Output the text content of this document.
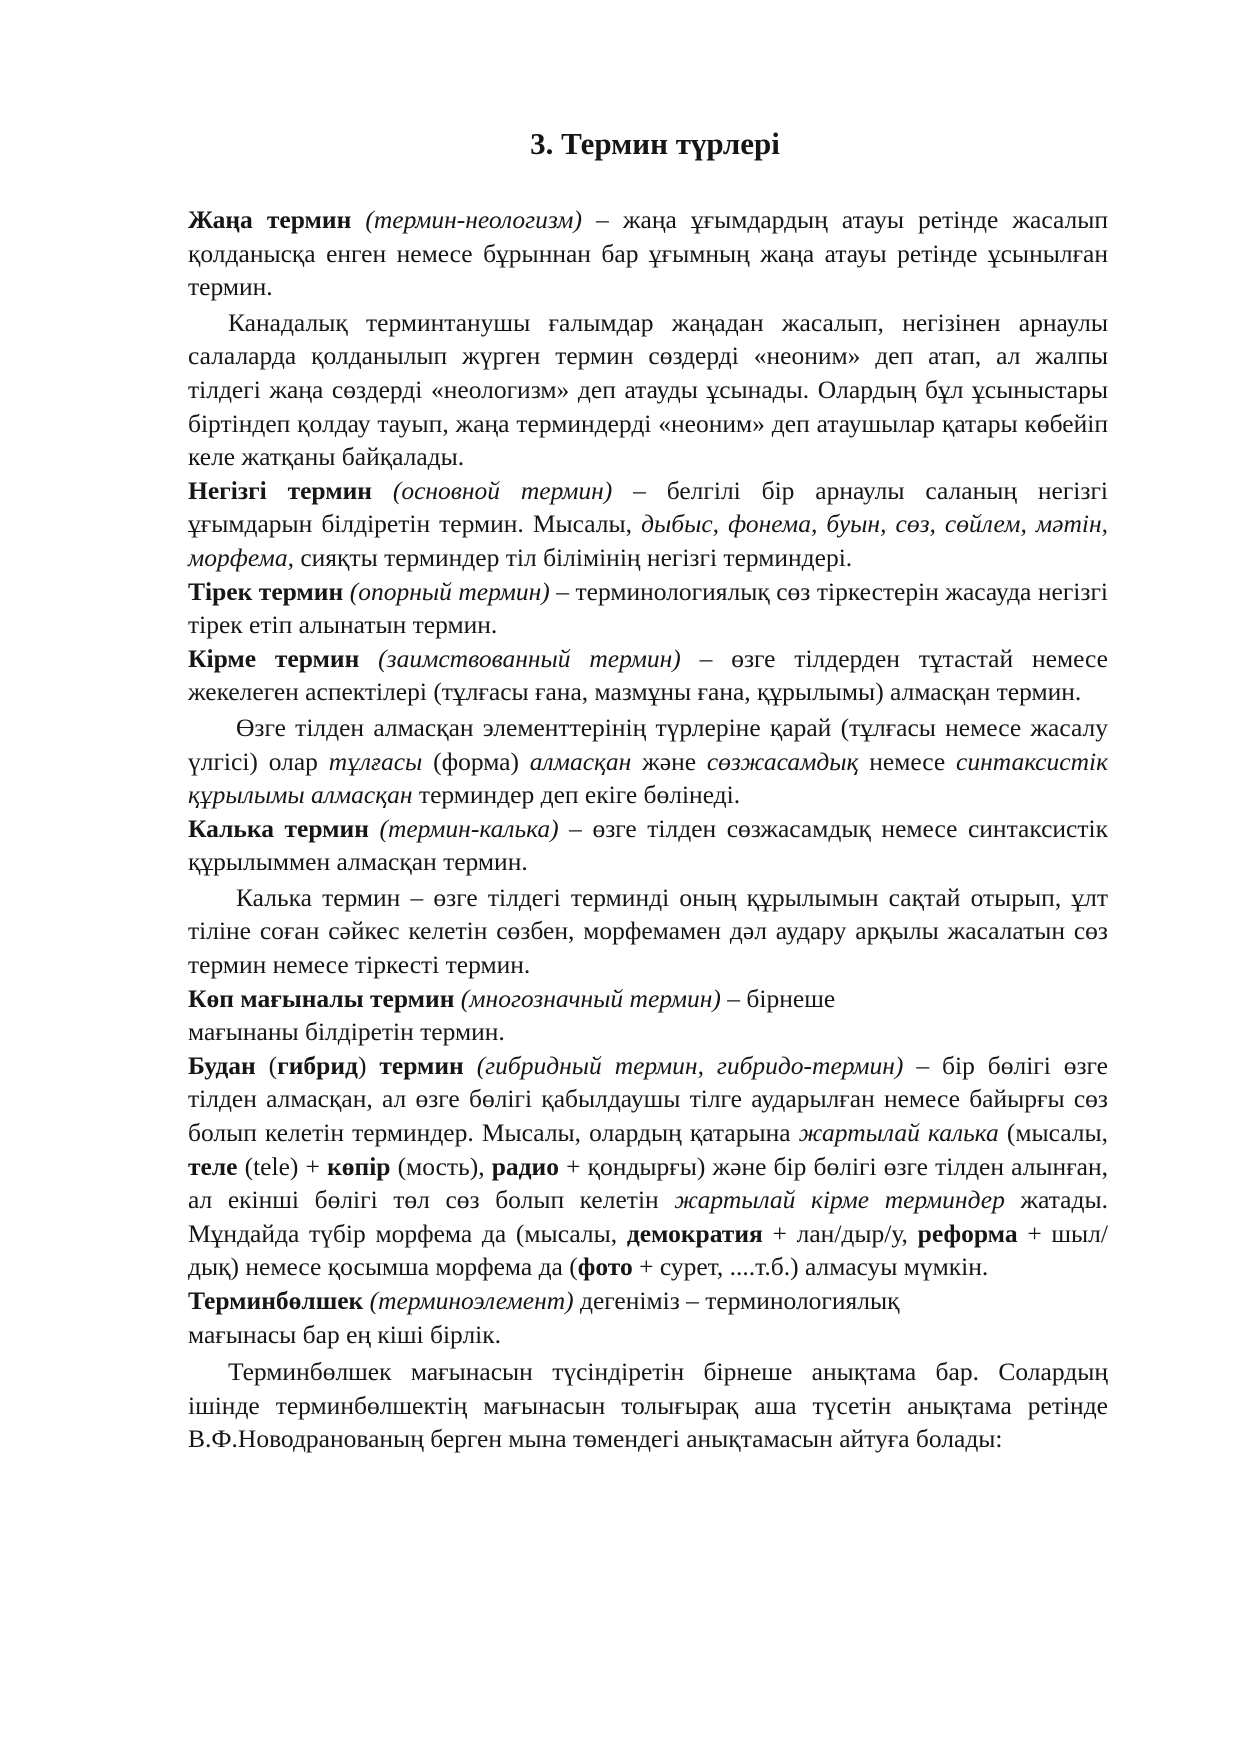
3. Термин түрлері

Жаңа термин (термин-неологизм) – жаңа ұғымдардың атауы ретінде жасалып қолданысқа енген немесе бұрыннан бар ұғымның жаңа атауы ретінде ұсынылған термин.

Канадалық терминтанушы ғалымдар жаңадан жасалып, негізінен арнаулы салаларда қолданылып жүрген термин сөздерді «неоним» деп атап, ал жалпы тілдегі жаңа сөздерді «неологизм» деп атауды ұсынады. Олардың бұл ұсыныстары біртіндеп қолдау тауып, жаңа терминдерді «неоним» деп атаушылар қатары көбейіп келе жатқаны байқалады.

Негізгі термин (основной термин) – белгілі бір арнаулы саланың негізгі ұғымдарын білдіретін термин. Мысалы, дыбыс, фонема, буын, сөз, сөйлем, мәтін, морфема, сияқты терминдер тіл білімінің негізгі терминдері.

Тірек термин (опорный термин) – терминологиялық сөз тіркестерін жасауда негізгі тірек етіп алынатын термин.

Кірме термин (заимствованный термин) – өзге тілдерден тұтастай немесе жекелеген аспектілері (тұлғасы ғана, мазмұны ғана, құрылымы) алмасқан термин.

Өзге тілден алмасқан элементтерінің түрлеріне қарай (тұлғасы немесе жасалу үлгісі) олар тұлғасы (форма) алмасқан және сөзжасамдық немесе синтаксистік құрылымы алмасқан терминдер деп екіге бөлінеді.

Калька термин (термин-калька) – өзге тілден сөзжасамдық немесе синтаксистік құрылыммен алмасқан термин.

Калька термин – өзге тілдегі терминді оның құрылымын сақтай отырып, ұлт тіліне соған сәйкес келетін сөзбен, морфемамен дәл аудару арқылы жасалатын сөз термин немесе тіркесті термин.

Көп мағыналы термин (многозначный термин) – бірнеше
мағынаны білдіретін термин.

Будан (гибрид) термин (гибридный термин, гибридо-термин) – бір бөлігі өзге тілден алмасқан, ал өзге бөлігі қабылдаушы тілге аударылған немесе байырғы сөз болып келетін терминдер. Мысалы, олардың қатарына жартылай калька (мысалы, теле (tele) + көпір (мость), радио + қондырғы) және бір бөлігі өзге тілден алынған, ал екінші бөлігі төл сөз болып келетін жартылай кірме терминдер жатады. Мұндайда түбір морфема да (мысалы, демократия + лан/дыр/у, реформа + шыл/дық) немесе қосымша морфема да (фото + сурет, ....т.б.) алмасуы мүмкін.

Терминбөлшек (терминоэлемент) дегеніміз – терминологиялық
мағынасы бар ең кіші бірлік.

Терминбөлшек мағынасын түсіндіретін бірнеше анықтама бар. Солардың ішінде терминбөлшектің мағынасын толығырақ аша түсетін анықтама ретінде В.Ф.Новодранованың берген мына төмендегі анықтамасын айтуға болады:
